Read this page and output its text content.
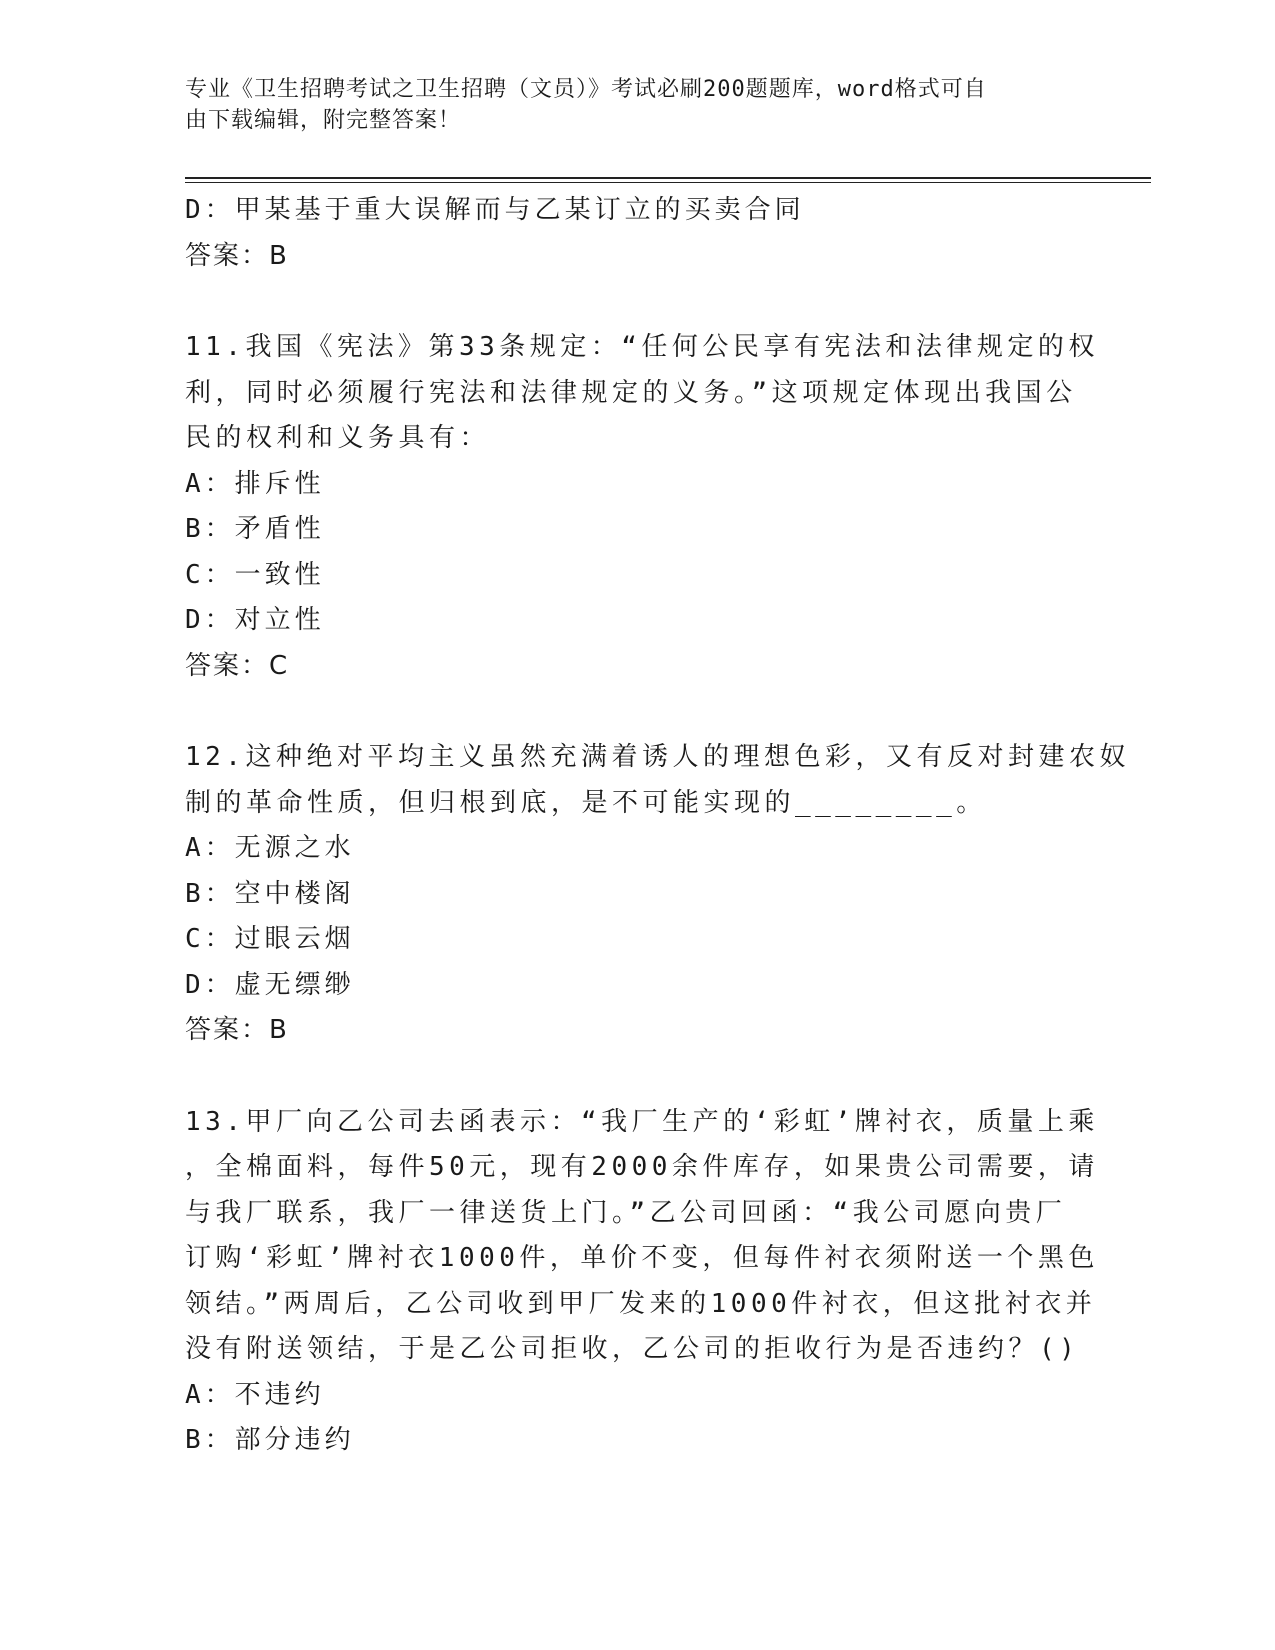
专业《卫生招聘考试之卫生招聘（文员）》考试必刷200题题库，word格式可自
由下载编辑，附完整答案！
D：甲某基于重大误解而与乙某订立的买卖合同
答案：B
11.我国《宪法》第33条规定：“任何公民享有宪法和法律规定的权
利，同时必须履行宪法和法律规定的义务。”这项规定体现出我国公
民的权利和义务具有：
A：排斥性
B：矛盾性
C：一致性
D：对立性
答案：C
12.这种绝对平均主义虽然充满着诱人的理想色彩，又有反对封建农奴
制的革命性质，但归根到底，是不可能实现的________。
A：无源之水
B：空中楼阁
C：过眼云烟
D：虚无缥缈
答案：B
13.甲厂向乙公司去函表示：“我厂生产的‘彩虹’牌衬衣，质量上乘
，全棉面料，每件50元，现有2000余件库存，如果贵公司需要，请
与我厂联系，我厂一律送货上门。”乙公司回函：“我公司愿向贵厂
订购‘彩虹’牌衬衣1000件，单价不变，但每件衬衣须附送一个黑色
领结。”两周后，乙公司收到甲厂发来的1000件衬衣，但这批衬衣并
没有附送领结，于是乙公司拒收，乙公司的拒收行为是否违约？()
A：不违约
B：部分违约
